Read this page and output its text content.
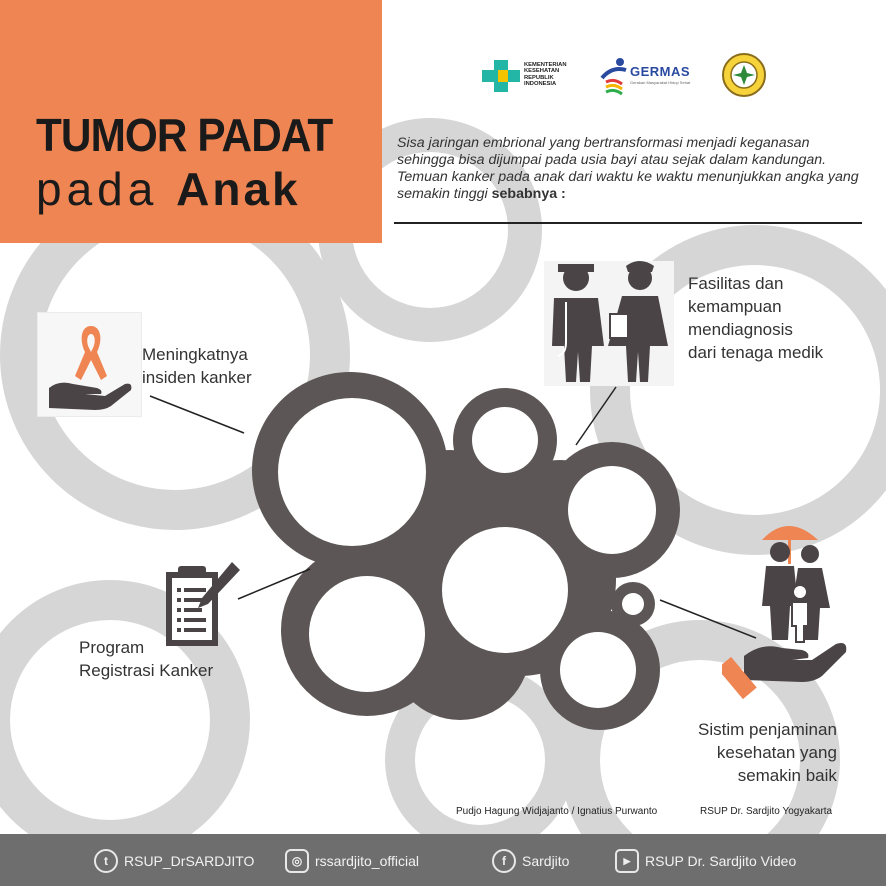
TUMOR PADAT
pada Anak
KEMENTERIAN
KESEHATAN
REPUBLIK
INDONESIA
GERMAS
Gerakan Masyarakat Hidup Sehat
Sisa jaringan embrional yang bertransformasi menjadi keganasan sehingga bisa dijumpai pada usia bayi atau sejak dalam kandungan. Temuan kanker pada anak dari waktu ke waktu menunjukkan angka yang semakin tinggi sebabnya :
Meningkatnya
insiden kanker
Fasilitas dan
kemampuan
mendiagnosis
dari tenaga medik
Program
Registrasi Kanker
Sistim penjaminan
kesehatan yang
semakin baik
Pudjo Hagung Widjajanto / Ignatius Purwanto	RSUP Dr. Sardjito Yogyakarta
t	RSUP_DrSARDJITO	◎ rssardjito_official	f	Sardjito	▶	RSUP Dr. Sardjito Video
